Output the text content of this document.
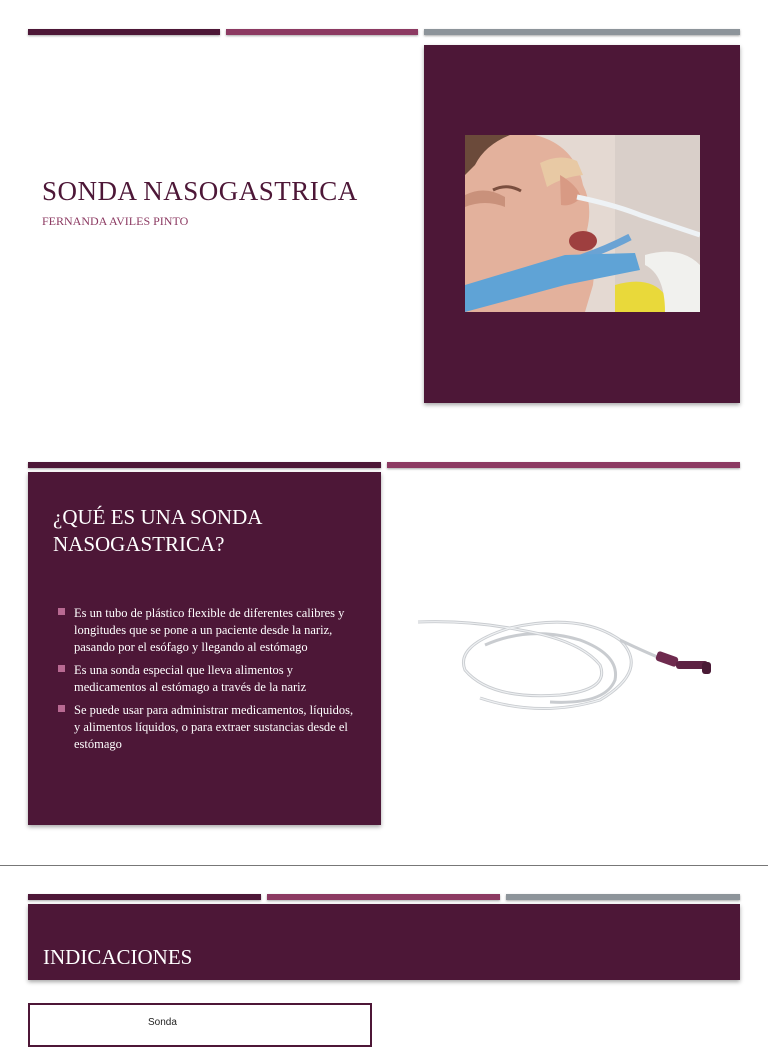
SONDA NASOGASTRICA
FERNANDA AVILES PINTO
¿QUÉ ES UNA SONDA NASOGASTRICA?
Es un tubo de plástico flexible de diferentes calibres y longitudes que se pone a un paciente desde la nariz, pasando por el esófago y llegando al estómago
Es una sonda especial que lleva alimentos y medicamentos al estómago a través de la nariz
Se puede usar para administrar medicamentos, líquidos, y alimentos líquidos, o para extraer sustancias desde el estómago
INDICACIONES
Sonda
